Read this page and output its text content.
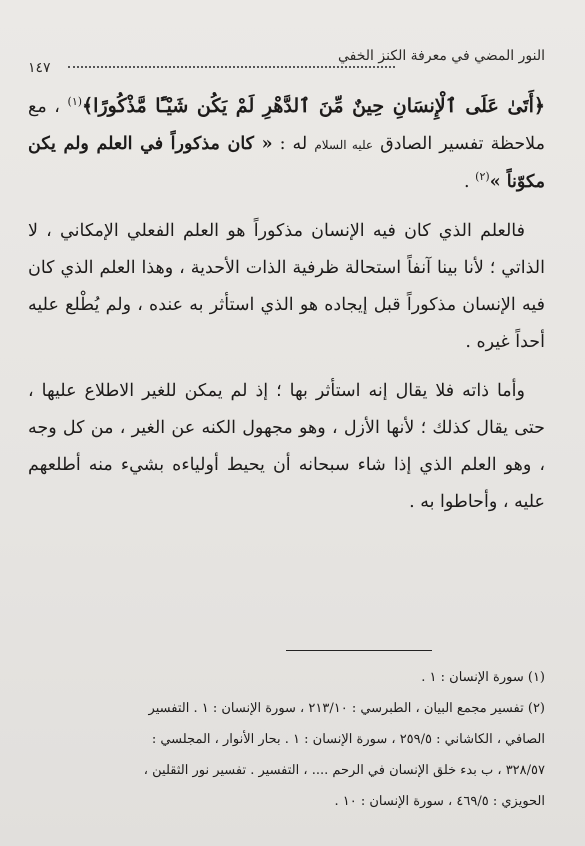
النور المضي في معرفة الكنز الخفي
١٤٧

﴿أَتَىٰ عَلَى ٱلْإِنسَانِ حِينٌ مِّنَ ٱلدَّهْرِ لَمْ يَكُن شَيْـًٔا مَّذْكُورًا﴾$^{(١)}$ ، مع ملاحظة تفسير الصادق عليه السلام له : « كان مذكوراً في العلم ولم يكن مكوّناً »$^{(٢)}$ .

فالعلم الذي كان فيه الإنسان مذكوراً هو العلم الفعلي الإمكاني ، لا الذاتي ؛ لأنا بينا آنفاً استحالة ظرفية الذات الأحدية ، وهذا العلم الذي كان فيه الإنسان مذكوراً قبل إيجاده هو الذي استأثر به عنده ، ولم يُطْلع عليه أحداً غيره .

وأما ذاته فلا يقال إنه استأثر بها ؛ إذ لم يمكن للغير الاطلاع عليها ، حتى يقال كذلك ؛ لأنها الأزل ، وهو مجهول الكنه عن الغير ، من كل وجه ، وهو العلم الذي إذا شاء سبحانه أن يحيط أولياءه بشيء منه أطلعهم عليه ، وأحاطوا به .

(١) سورة الإنسان : ١ .
(٢) تفسير مجمع البيان ، الطبرسي : ٢١٣/١٠ ، سورة الإنسان : ١ . التفسير
الصافي ، الكاشاني : ٢٥٩/٥ ، سورة الإنسان : ١ . بحار الأنوار ، المجلسي :
٣٢٨/٥٧ ، ب بدء خلق الإنسان في الرحم .... ، التفسير . تفسير نور الثقلين ،
الحويزي : ٤٦٩/٥ ، سورة الإنسان : ١٠ .
